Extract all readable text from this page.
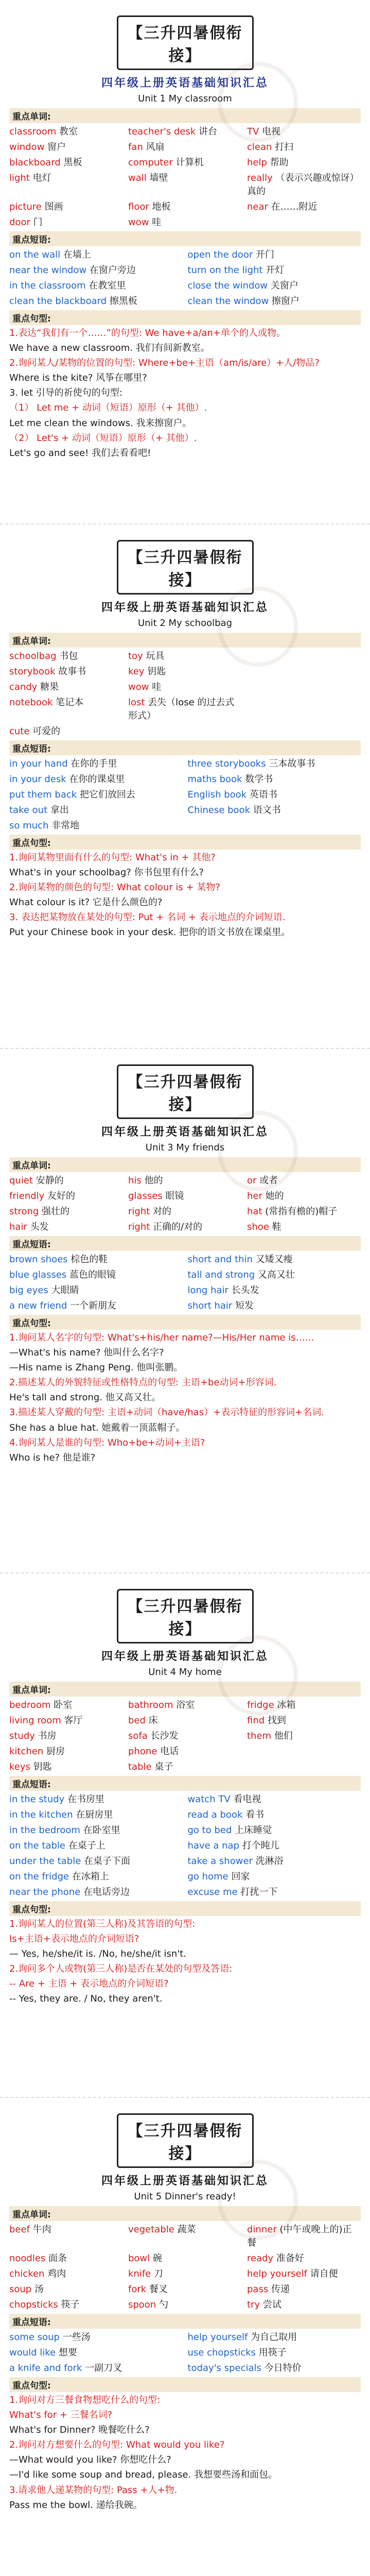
【三升四暑假衔接】
四年级上册英语基础知识汇总
Unit 1 My classroom
重点单词:
classroom 教室	teacher's desk 讲台	TV 电视
window 窗户	fan 风扇	clean 打扫
blackboard 黑板	computer 计算机	help 帮助
light 电灯	wall 墙壁	really （表示兴趣或惊讶）真的
picture 图画	floor 地板	near 在……附近
door 门	wow 哇
重点短语:
on the wall 在墙上	open the door 开门
near the window 在窗户旁边	turn on the light 开灯
in the classroom 在教室里	close the window 关窗户
clean the blackboard 擦黑板	clean the window 擦窗户
重点句型:
1.表达“我们有一个……”的句型: We have+a/an+单个的人或物。
We have a new classroom. 我们有间新教室。
2.询问某人/某物的位置的句型: Where+be+主语（am/is/are）+人/物品?
Where is the kite? 风筝在哪里?
3. let 引导的祈使句的句型:
（1） Let me + 动词（短语）原形（+ 其他）.
Let me clean the windows. 我来擦窗户。
（2） Let's + 动词（短语）原形（+ 其他）.
Let's go and see! 我们去看看吧!
【三升四暑假衔接】
四年级上册英语基础知识汇总
Unit 2 My schoolbag
重点单词:
schoolbag 书包	toy 玩具
storybook 故事书	key 钥匙
candy 糖果	wow 哇
notebook 笔记本	lost 丢失（lose 的过去式形式）
cute 可爱的
重点短语:
in your hand 在你的手里	three storybooks 三本故事书
in your desk 在你的课桌里	maths book 数学书
put them back 把它们放回去	English book 英语书
take out 拿出	Chinese book 语文书
so much 非常地
重点句型:
1.询问某物里面有什么的句型: What's in + 其他?
What's in your schoolbag? 你书包里有什么?
2.询问某物的颜色的句型: What colour is + 某物?
What colour is it? 它是什么颜色的?
3. 表达把某物放在某处的句型: Put + 名词 + 表示地点的介词短语.
Put your Chinese book in your desk. 把你的语文书放在课桌里。
【三升四暑假衔接】
四年级上册英语基础知识汇总
Unit 3 My friends
重点单词:
quiet 安静的	his 他的	or 或者
friendly 友好的	glasses 眼镜	her 她的
strong 强壮的	right 对的	hat (常指有檐的)帽子
hair 头发	right 正确的/对的	shoe 鞋
重点短语:
brown shoes 棕色的鞋	short and thin 又矮又瘦
blue glasses 蓝色的眼镜	tall and strong 又高又壮
big eyes 大眼睛	long hair 长头发
a new friend 一个新朋友	short hair 短发
重点句型:
1.询问某人名字的句型: What's+his/her name?—His/Her name is……
—What's his name? 他叫什么名字?
—His name is Zhang Peng. 他叫张鹏。
2.描述某人的外貌特征或性格特点的句型: 主语+be动词+形容词.
He's tall and strong. 他又高又壮。
3.描述某人穿戴的句型: 主语+动词（have/has）+表示特征的形容词+名词.
She has a blue hat. 她戴着一顶蓝帽子。
4.询问某人是谁的句型: Who+be+动词+主语?
Who is he? 他是谁?
【三升四暑假衔接】
四年级上册英语基础知识汇总
Unit 4 My home
重点单词:
bedroom 卧室	bathroom 浴室	fridge 冰箱
living room 客厅	bed 床	find 找到
study 书房	sofa 长沙发	them 他们
kitchen 厨房	phone 电话
keys 钥匙	table 桌子
重点短语:
in the study 在书房里	watch TV 看电视
in the kitchen 在厨房里	read a book 看书
in the bedroom 在卧室里	go to bed 上床睡觉
on the table 在桌子上	have a nap 打个盹儿
under the table 在桌子下面	take a shower 洗淋浴
on the fridge 在冰箱上	go home 回家
near the phone 在电话旁边	excuse me 打扰一下
重点句型:
1.询问某人的位置(第三人称)及其答语的句型:
Is+主语+表示地点的介词短语?
— Yes, he/she/it is. /No, he/she/it isn't.
2.询问多个人或物(第三人称)是否在某处的句型及答语:
-- Are + 主语 + 表示地点的介词短语?
-- Yes, they are. / No, they aren't.
【三升四暑假衔接】
四年级上册英语基础知识汇总
Unit 5 Dinner's ready!
重点单词:
beef 牛肉	vegetable 蔬菜	dinner (中午或晚上的)正餐
noodles 面条	bowl 碗	ready 准备好
chicken 鸡肉	knife 刀	help yourself 请自便
soup 汤	fork 餐叉	pass 传递
chopsticks 筷子	spoon 勺	try 尝试
重点短语:
some soup 一些汤	help yourself 为自己取用
would like 想要	use chopsticks 用筷子
a knife and fork 一副刀叉	today's specials 今日特价
重点句型:
1.询问对方三餐食物想吃什么的句型:
What's for + 三餐名词?
What's for Dinner? 晚餐吃什么?
2.询问对方想要什么的句型: What would you like?
—What would you like? 你想吃什么?
—I'd like some soup and bread, please. 我想要些汤和面包。
3.请求他人递某物的句型: Pass +人+物.
Pass me the bowl. 递给我碗。
